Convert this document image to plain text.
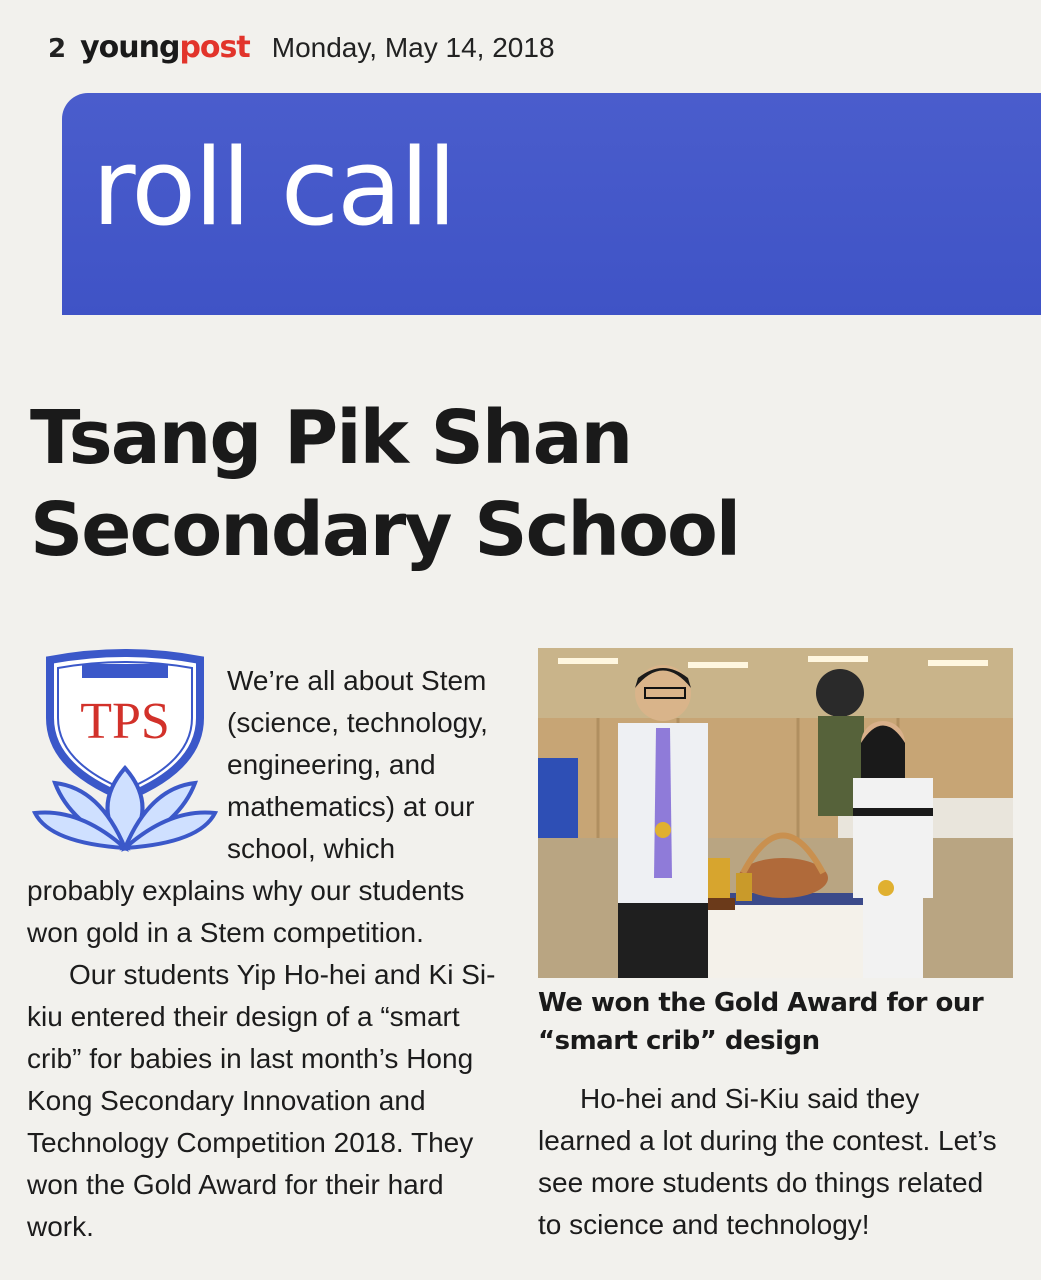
2 youngpost Monday, May 14, 2018
roll call
Tsang Pik Shan
Secondary School
TPS

We’re all about Stem (science, technology, engineering, and mathematics) at our school, which

probably explains why our students won gold in a Stem competition.

Our students Yip Ho-hei and Ki Si-kiu entered their design of a “smart crib” for babies in last month’s Hong Kong Secondary Innovation and Technology Competition 2018. They won the Gold Award for their hard work.

We won the Gold Award for our “smart crib” design

Ho-hei and Si-Kiu said they learned a lot during the contest. Let’s see more students do things related to science and technology!
